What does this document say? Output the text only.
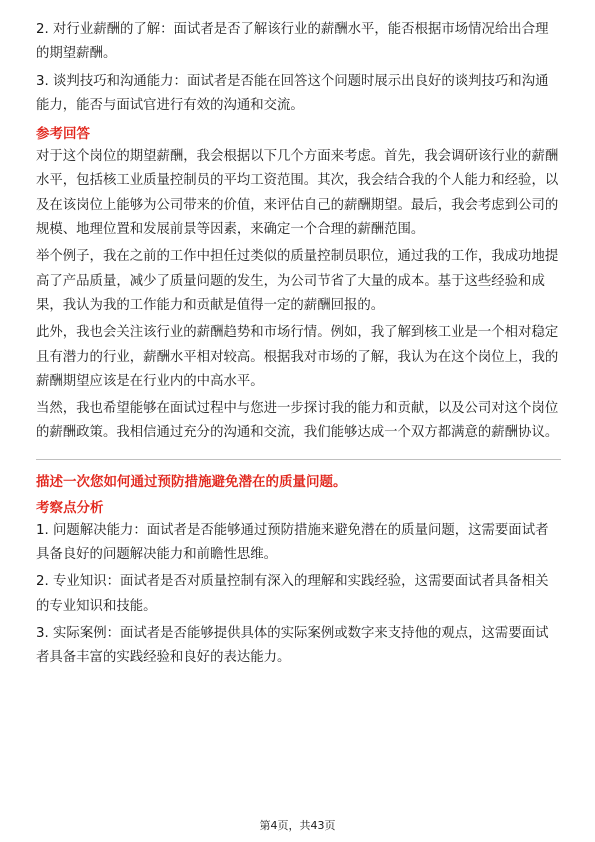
2. 对行业薪酬的了解：面试者是否了解该行业的薪酬水平，能否根据市场情况给出合理的期望薪酬。

3. 谈判技巧和沟通能力：面试者是否能在回答这个问题时展示出良好的谈判技巧和沟通能力，能否与面试官进行有效的沟通和交流。

参考回答

对于这个岗位的期望薪酬，我会根据以下几个方面来考虑。首先，我会调研该行业的薪酬水平，包括核工业质量控制员的平均工资范围。其次，我会结合我的个人能力和经验，以及在该岗位上能够为公司带来的价值，来评估自己的薪酬期望。最后，我会考虑到公司的规模、地理位置和发展前景等因素，来确定一个合理的薪酬范围。

举个例子，我在之前的工作中担任过类似的质量控制员职位，通过我的工作，我成功地提高了产品质量，减少了质量问题的发生，为公司节省了大量的成本。基于这些经验和成果，我认为我的工作能力和贡献是值得一定的薪酬回报的。

此外，我也会关注该行业的薪酬趋势和市场行情。例如，我了解到核工业是一个相对稳定且有潜力的行业，薪酬水平相对较高。根据我对市场的了解，我认为在这个岗位上，我的薪酬期望应该是在行业内的中高水平。

当然，我也希望能够在面试过程中与您进一步探讨我的能力和贡献，以及公司对这个岗位的薪酬政策。我相信通过充分的沟通和交流，我们能够达成一个双方都满意的薪酬协议。

描述一次您如何通过预防措施避免潜在的质量问题。
考察点分析

1. 问题解决能力：面试者是否能够通过预防措施来避免潜在的质量问题，这需要面试者具备良好的问题解决能力和前瞻性思维。

2. 专业知识：面试者是否对质量控制有深入的理解和实践经验，这需要面试者具备相关的专业知识和技能。

3. 实际案例：面试者是否能够提供具体的实际案例或数字来支持他的观点，这需要面试者具备丰富的实践经验和良好的表达能力。

第4页，共43页
